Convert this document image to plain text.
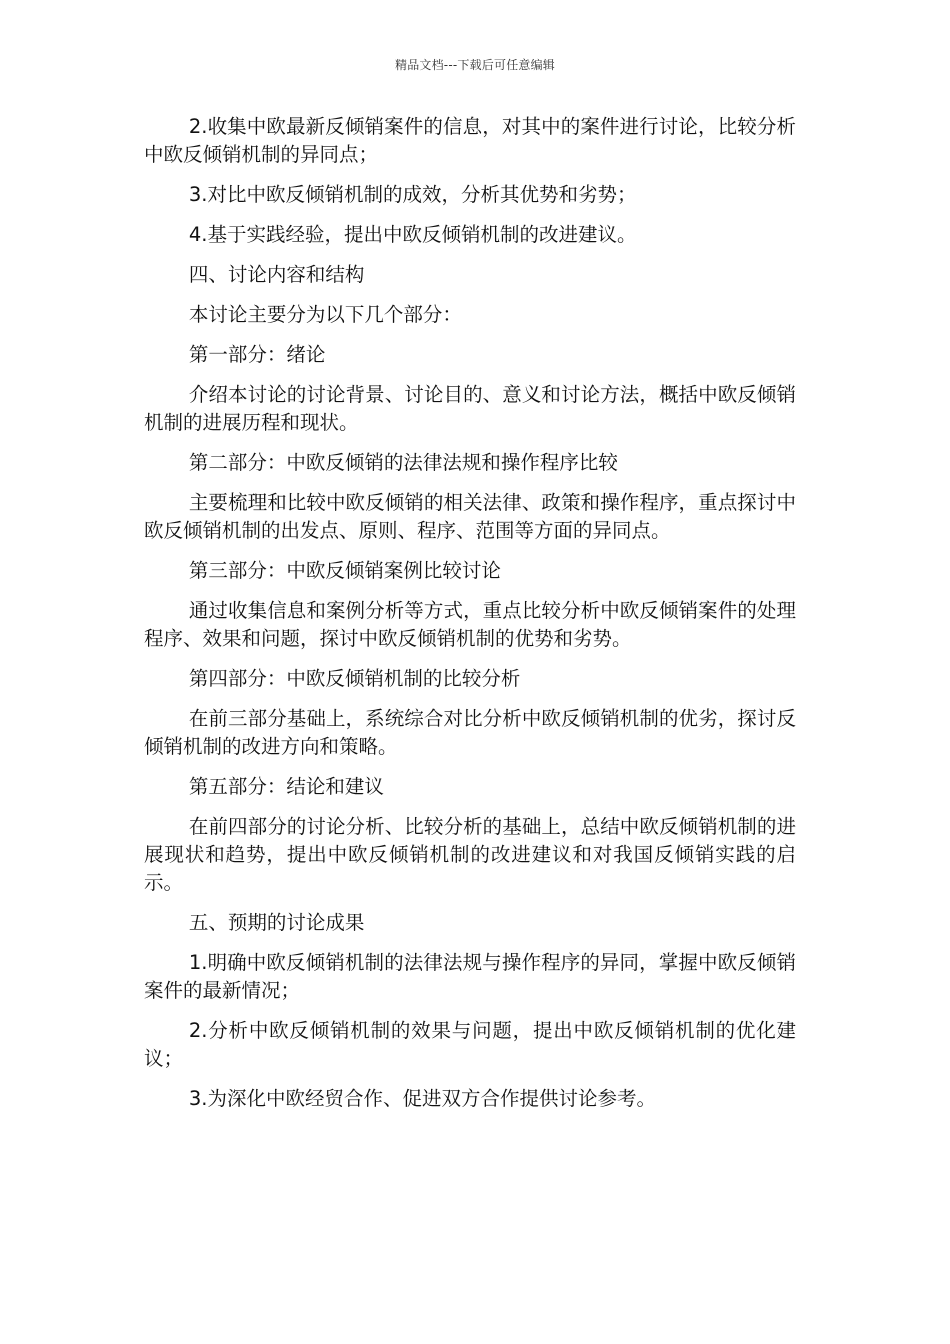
精品文档---下载后可任意编辑

2.收集中欧最新反倾销案件的信息，对其中的案件进行讨论，比较分析中欧反倾销机制的异同点；

3.对比中欧反倾销机制的成效，分析其优势和劣势；

4.基于实践经验，提出中欧反倾销机制的改进建议。

四、讨论内容和结构

本讨论主要分为以下几个部分：

第一部分：绪论

介绍本讨论的讨论背景、讨论目的、意义和讨论方法，概括中欧反倾销机制的进展历程和现状。

第二部分：中欧反倾销的法律法规和操作程序比较

主要梳理和比较中欧反倾销的相关法律、政策和操作程序，重点探讨中欧反倾销机制的出发点、原则、程序、范围等方面的异同点。

第三部分：中欧反倾销案例比较讨论

通过收集信息和案例分析等方式，重点比较分析中欧反倾销案件的处理程序、效果和问题，探讨中欧反倾销机制的优势和劣势。

第四部分：中欧反倾销机制的比较分析

在前三部分基础上，系统综合对比分析中欧反倾销机制的优劣，探讨反倾销机制的改进方向和策略。

第五部分：结论和建议

在前四部分的讨论分析、比较分析的基础上，总结中欧反倾销机制的进展现状和趋势，提出中欧反倾销机制的改进建议和对我国反倾销实践的启示。

五、预期的讨论成果

1.明确中欧反倾销机制的法律法规与操作程序的异同，掌握中欧反倾销案件的最新情况；

2.分析中欧反倾销机制的效果与问题，提出中欧反倾销机制的优化建议；

3.为深化中欧经贸合作、促进双方合作提供讨论参考。
